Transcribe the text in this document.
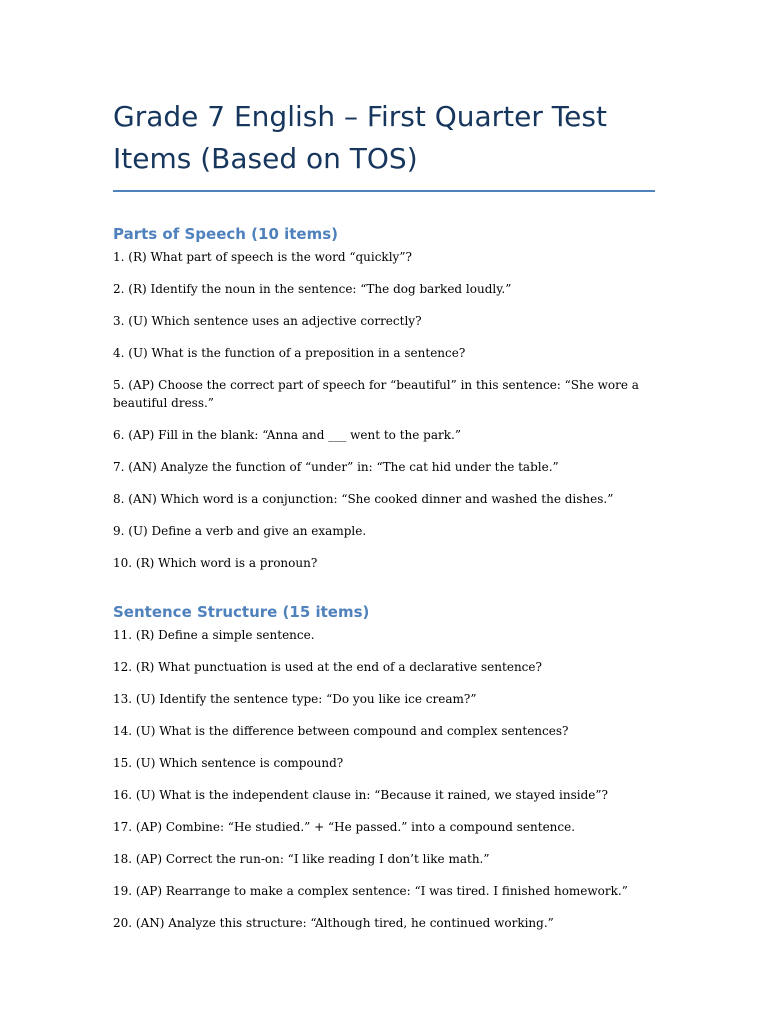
Grade 7 English – First Quarter Test Items (Based on TOS)
Parts of Speech (10 items)
1. (R) What part of speech is the word “quickly”?
2. (R) Identify the noun in the sentence: “The dog barked loudly.”
3. (U) Which sentence uses an adjective correctly?
4. (U) What is the function of a preposition in a sentence?
5. (AP) Choose the correct part of speech for “beautiful” in this sentence: “She wore a beautiful dress.”
6. (AP) Fill in the blank: “Anna and ___ went to the park.”
7. (AN) Analyze the function of “under” in: “The cat hid under the table.”
8. (AN) Which word is a conjunction: “She cooked dinner and washed the dishes.”
9. (U) Define a verb and give an example.
10. (R) Which word is a pronoun?
Sentence Structure (15 items)
11. (R) Define a simple sentence.
12. (R) What punctuation is used at the end of a declarative sentence?
13. (U) Identify the sentence type: “Do you like ice cream?”
14. (U) What is the difference between compound and complex sentences?
15. (U) Which sentence is compound?
16. (U) What is the independent clause in: “Because it rained, we stayed inside”?
17. (AP) Combine: “He studied.” + “He passed.” into a compound sentence.
18. (AP) Correct the run-on: “I like reading I don’t like math.”
19. (AP) Rearrange to make a complex sentence: “I was tired. I finished homework.”
20. (AN) Analyze this structure: “Although tired, he continued working.”
